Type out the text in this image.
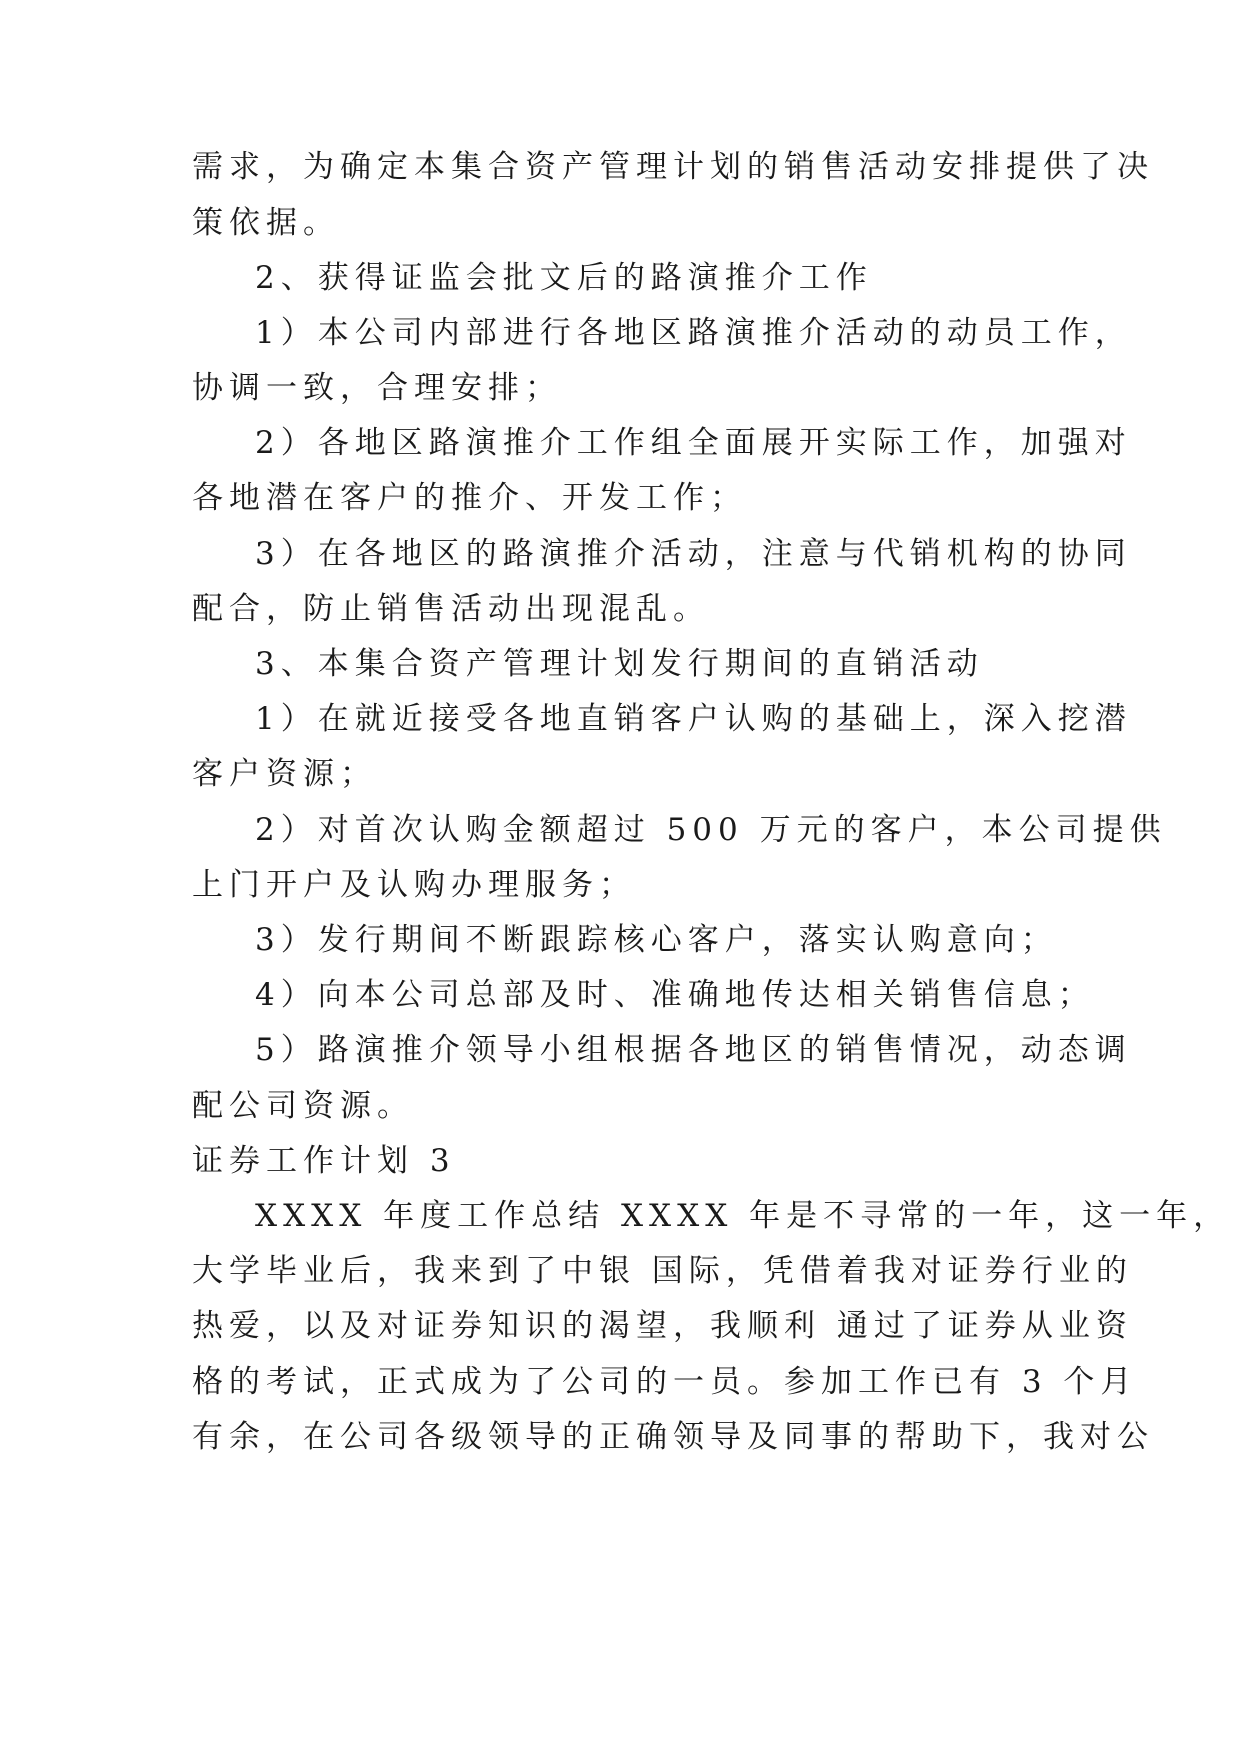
需求，为确定本集合资产管理计划的销售活动安排提供了决
策依据。
2、获得证监会批文后的路演推介工作
1）本公司内部进行各地区路演推介活动的动员工作，
协调一致，合理安排；
2）各地区路演推介工作组全面展开实际工作，加强对
各地潜在客户的推介、开发工作；
3）在各地区的路演推介活动，注意与代销机构的协同
配合，防止销售活动出现混乱。
3、本集合资产管理计划发行期间的直销活动
1）在就近接受各地直销客户认购的基础上，深入挖潜
客户资源；
2）对首次认购金额超过 500 万元的客户，本公司提供
上门开户及认购办理服务；
3）发行期间不断跟踪核心客户，落实认购意向；
4）向本公司总部及时、准确地传达相关销售信息；
5）路演推介领导小组根据各地区的销售情况，动态调
配公司资源。
证券工作计划 3
XXXX 年度工作总结 XXXX 年是不寻常的一年，这一年，
大学毕业后，我来到了中银 国际，凭借着我对证券行业的
热爱，以及对证券知识的渴望，我顺利 通过了证券从业资
格的考试，正式成为了公司的一员。参加工作已有 3 个月
有余，在公司各级领导的正确领导及同事的帮助下，我对公
